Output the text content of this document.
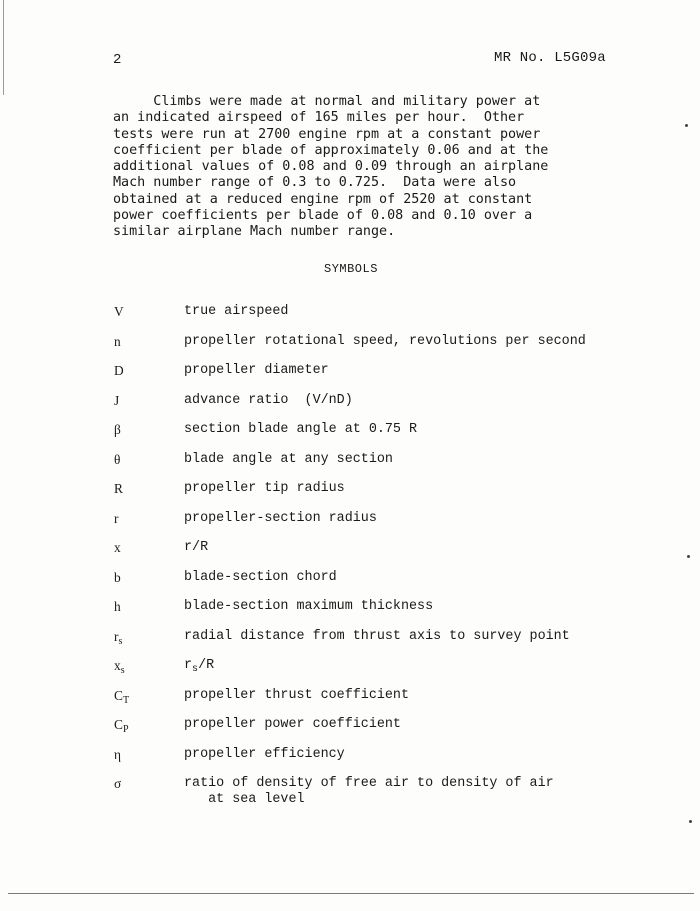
2	MR No. L5G09a
Climbs were made at normal and military power at
an indicated airspeed of 165 miles per hour.  Other
tests were run at 2700 engine rpm at a constant power
coefficient per blade of approximately 0.06 and at the
additional values of 0.08 and 0.09 through an airplane
Mach number range of 0.3 to 0.725.  Data were also
obtained at a reduced engine rpm of 2520 at constant
power coefficients per blade of 0.08 and 0.10 over a
similar airplane Mach number range.
SYMBOLS
V	true airspeed
n	propeller rotational speed, revolutions per second
D	propeller diameter
J	advance ratio  (V/nD)
β	section blade angle at 0.75 R
θ	blade angle at any section
R	propeller tip radius
r	propeller-section radius
x	r/R
b	blade-section chord
h	blade-section maximum thickness
$r_s$	radial distance from thrust axis to survey point
$x_s$	$r_s/R$
$C_T$	propeller thrust coefficient
$C_P$	propeller power coefficient
η	propeller efficiency
σ	ratio of density of free air to density of air
at sea level
